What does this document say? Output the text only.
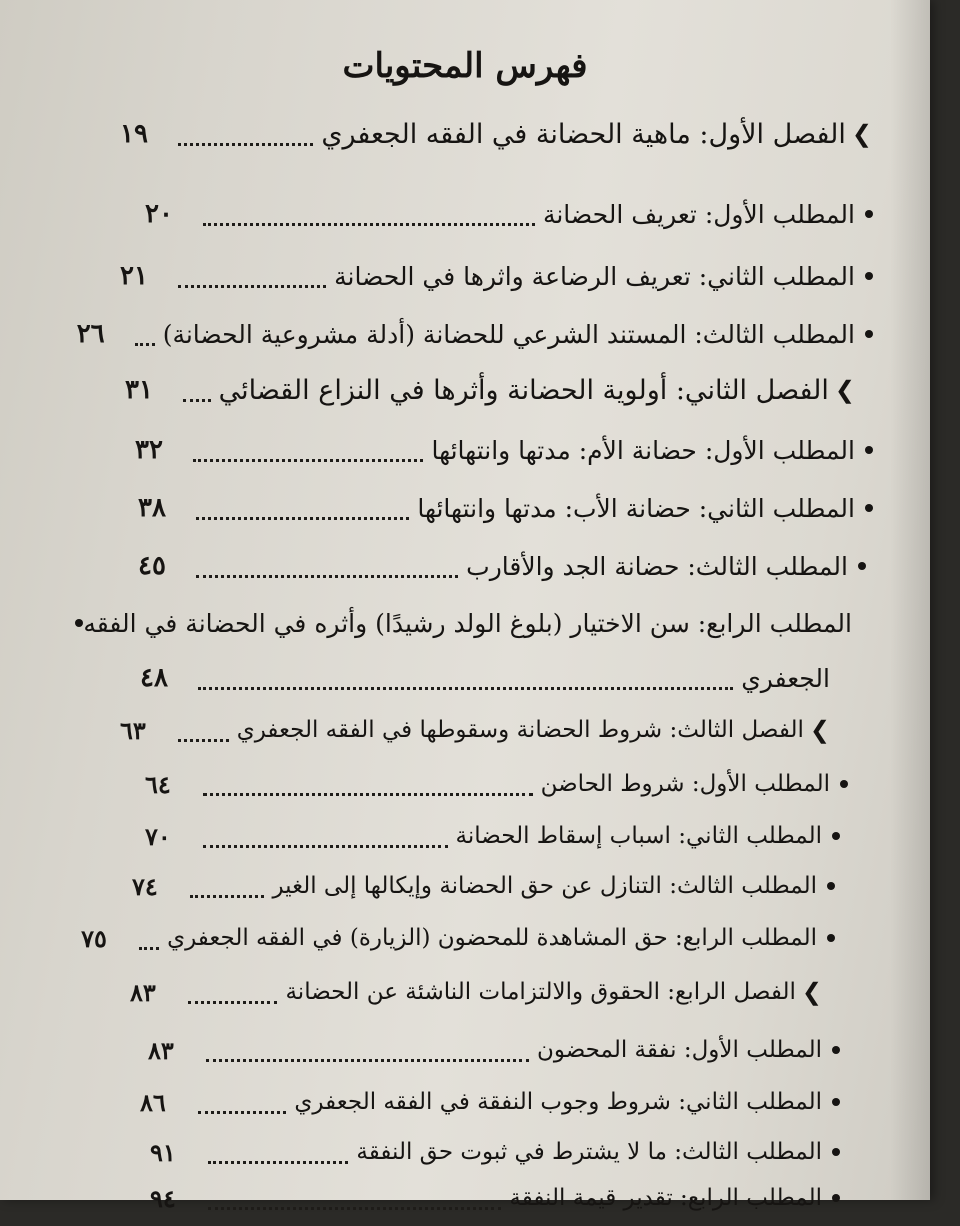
فهرس المحتويات
❮
الفصل الأول: ماهية الحضانة في الفقه الجعفري
١٩
المطلب الأول: تعريف الحضانة
٢٠
المطلب الثاني: تعريف الرضاعة واثرها في الحضانة
٢١
المطلب الثالث: المستند الشرعي للحضانة (أدلة مشروعية الحضانة)
٢٦
❮
الفصل الثاني: أولوية الحضانة وأثرها في النزاع القضائي
٣١
المطلب الأول: حضانة الأم: مدتها وانتهائها
٣٢
المطلب الثاني: حضانة الأب: مدتها وانتهائها
٣٨
المطلب الثالث: حضانة الجد والأقارب
٤٥
المطلب الرابع: سن الاختيار (بلوغ الولد رشيدًا) وأثره في الحضانة في الفقه
الجعفري
٤٨
❮
الفصل الثالث: شروط الحضانة وسقوطها في الفقه الجعفري
٦٣
المطلب الأول: شروط الحاضن
٦٤
المطلب الثاني: اسباب إسقاط الحضانة
٧٠
المطلب الثالث: التنازل عن حق الحضانة وإيكالها إلى الغير
٧٤
المطلب الرابع: حق المشاهدة للمحضون (الزيارة) في الفقه الجعفري
٧٥
❮
الفصل الرابع: الحقوق والالتزامات الناشئة عن الحضانة
٨٣
المطلب الأول: نفقة المحضون
٨٣
المطلب الثاني: شروط وجوب النفقة في الفقه الجعفري
٨٦
المطلب الثالث: ما لا يشترط في ثبوت حق النفقة
٩١
المطلب الرابع: تقدير قيمة النفقة
٩٤
